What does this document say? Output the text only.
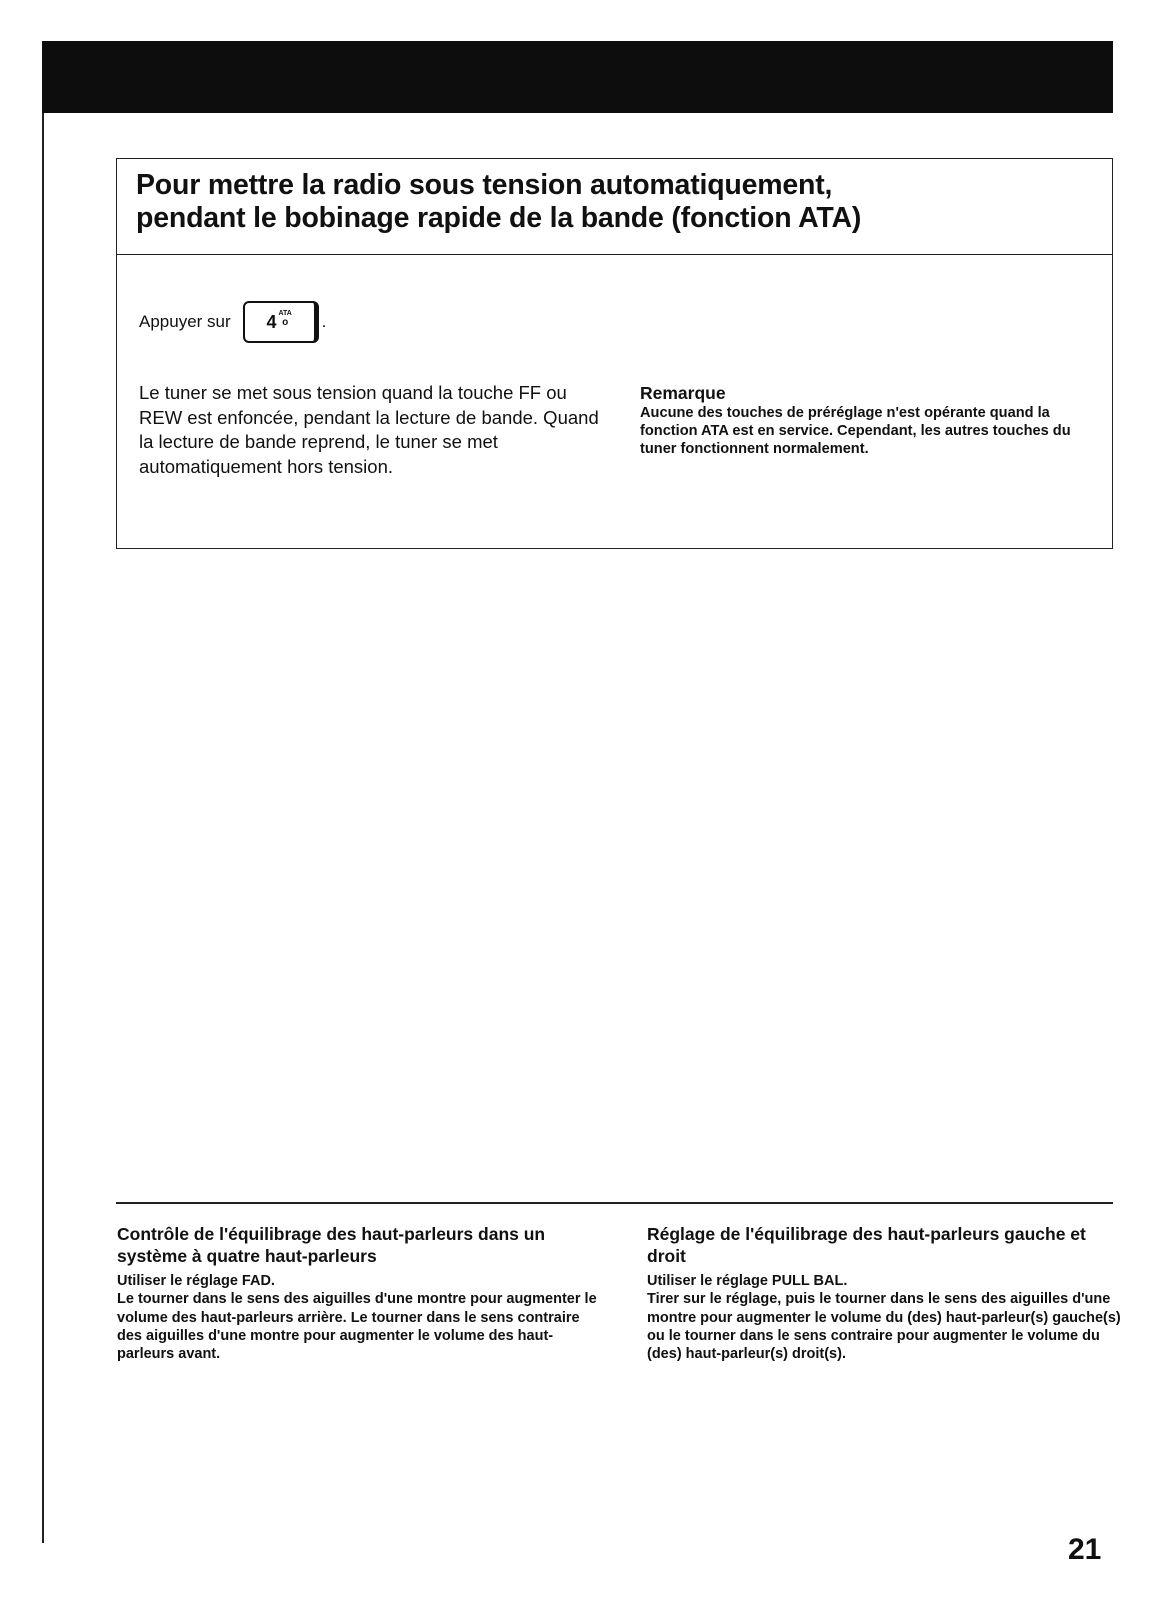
Pour mettre la radio sous tension automatiquement,
pendant le bobinage rapide de la bande (fonction ATA)
Appuyer sur 4 ATA
o .

Le tuner se met sous tension quand la touche FF ou REW est enfoncée, pendant la lecture de bande. Quand la lecture de bande reprend, le tuner se met automatiquement hors tension.

Remarque

Aucune des touches de préréglage n'est opérante quand la fonction ATA est en service. Cependant, les autres touches du tuner fonctionnent normalement.

Contrôle de l'équilibrage des haut-parleurs dans un système à quatre haut-parleurs

Utiliser le réglage FAD.
Le tourner dans le sens des aiguilles d'une montre pour augmenter le volume des haut-parleurs arrière. Le tourner dans le sens contraire des aiguilles d'une montre pour augmenter le volume des haut-parleurs avant.

Réglage de l'équilibrage des haut-parleurs gauche et droit

Utiliser le réglage PULL BAL.
Tirer sur le réglage, puis le tourner dans le sens des aiguilles d'une montre pour augmenter le volume du (des) haut-parleur(s) gauche(s) ou le tourner dans le sens contraire pour augmenter le volume du (des) haut-parleur(s) droit(s).

21
